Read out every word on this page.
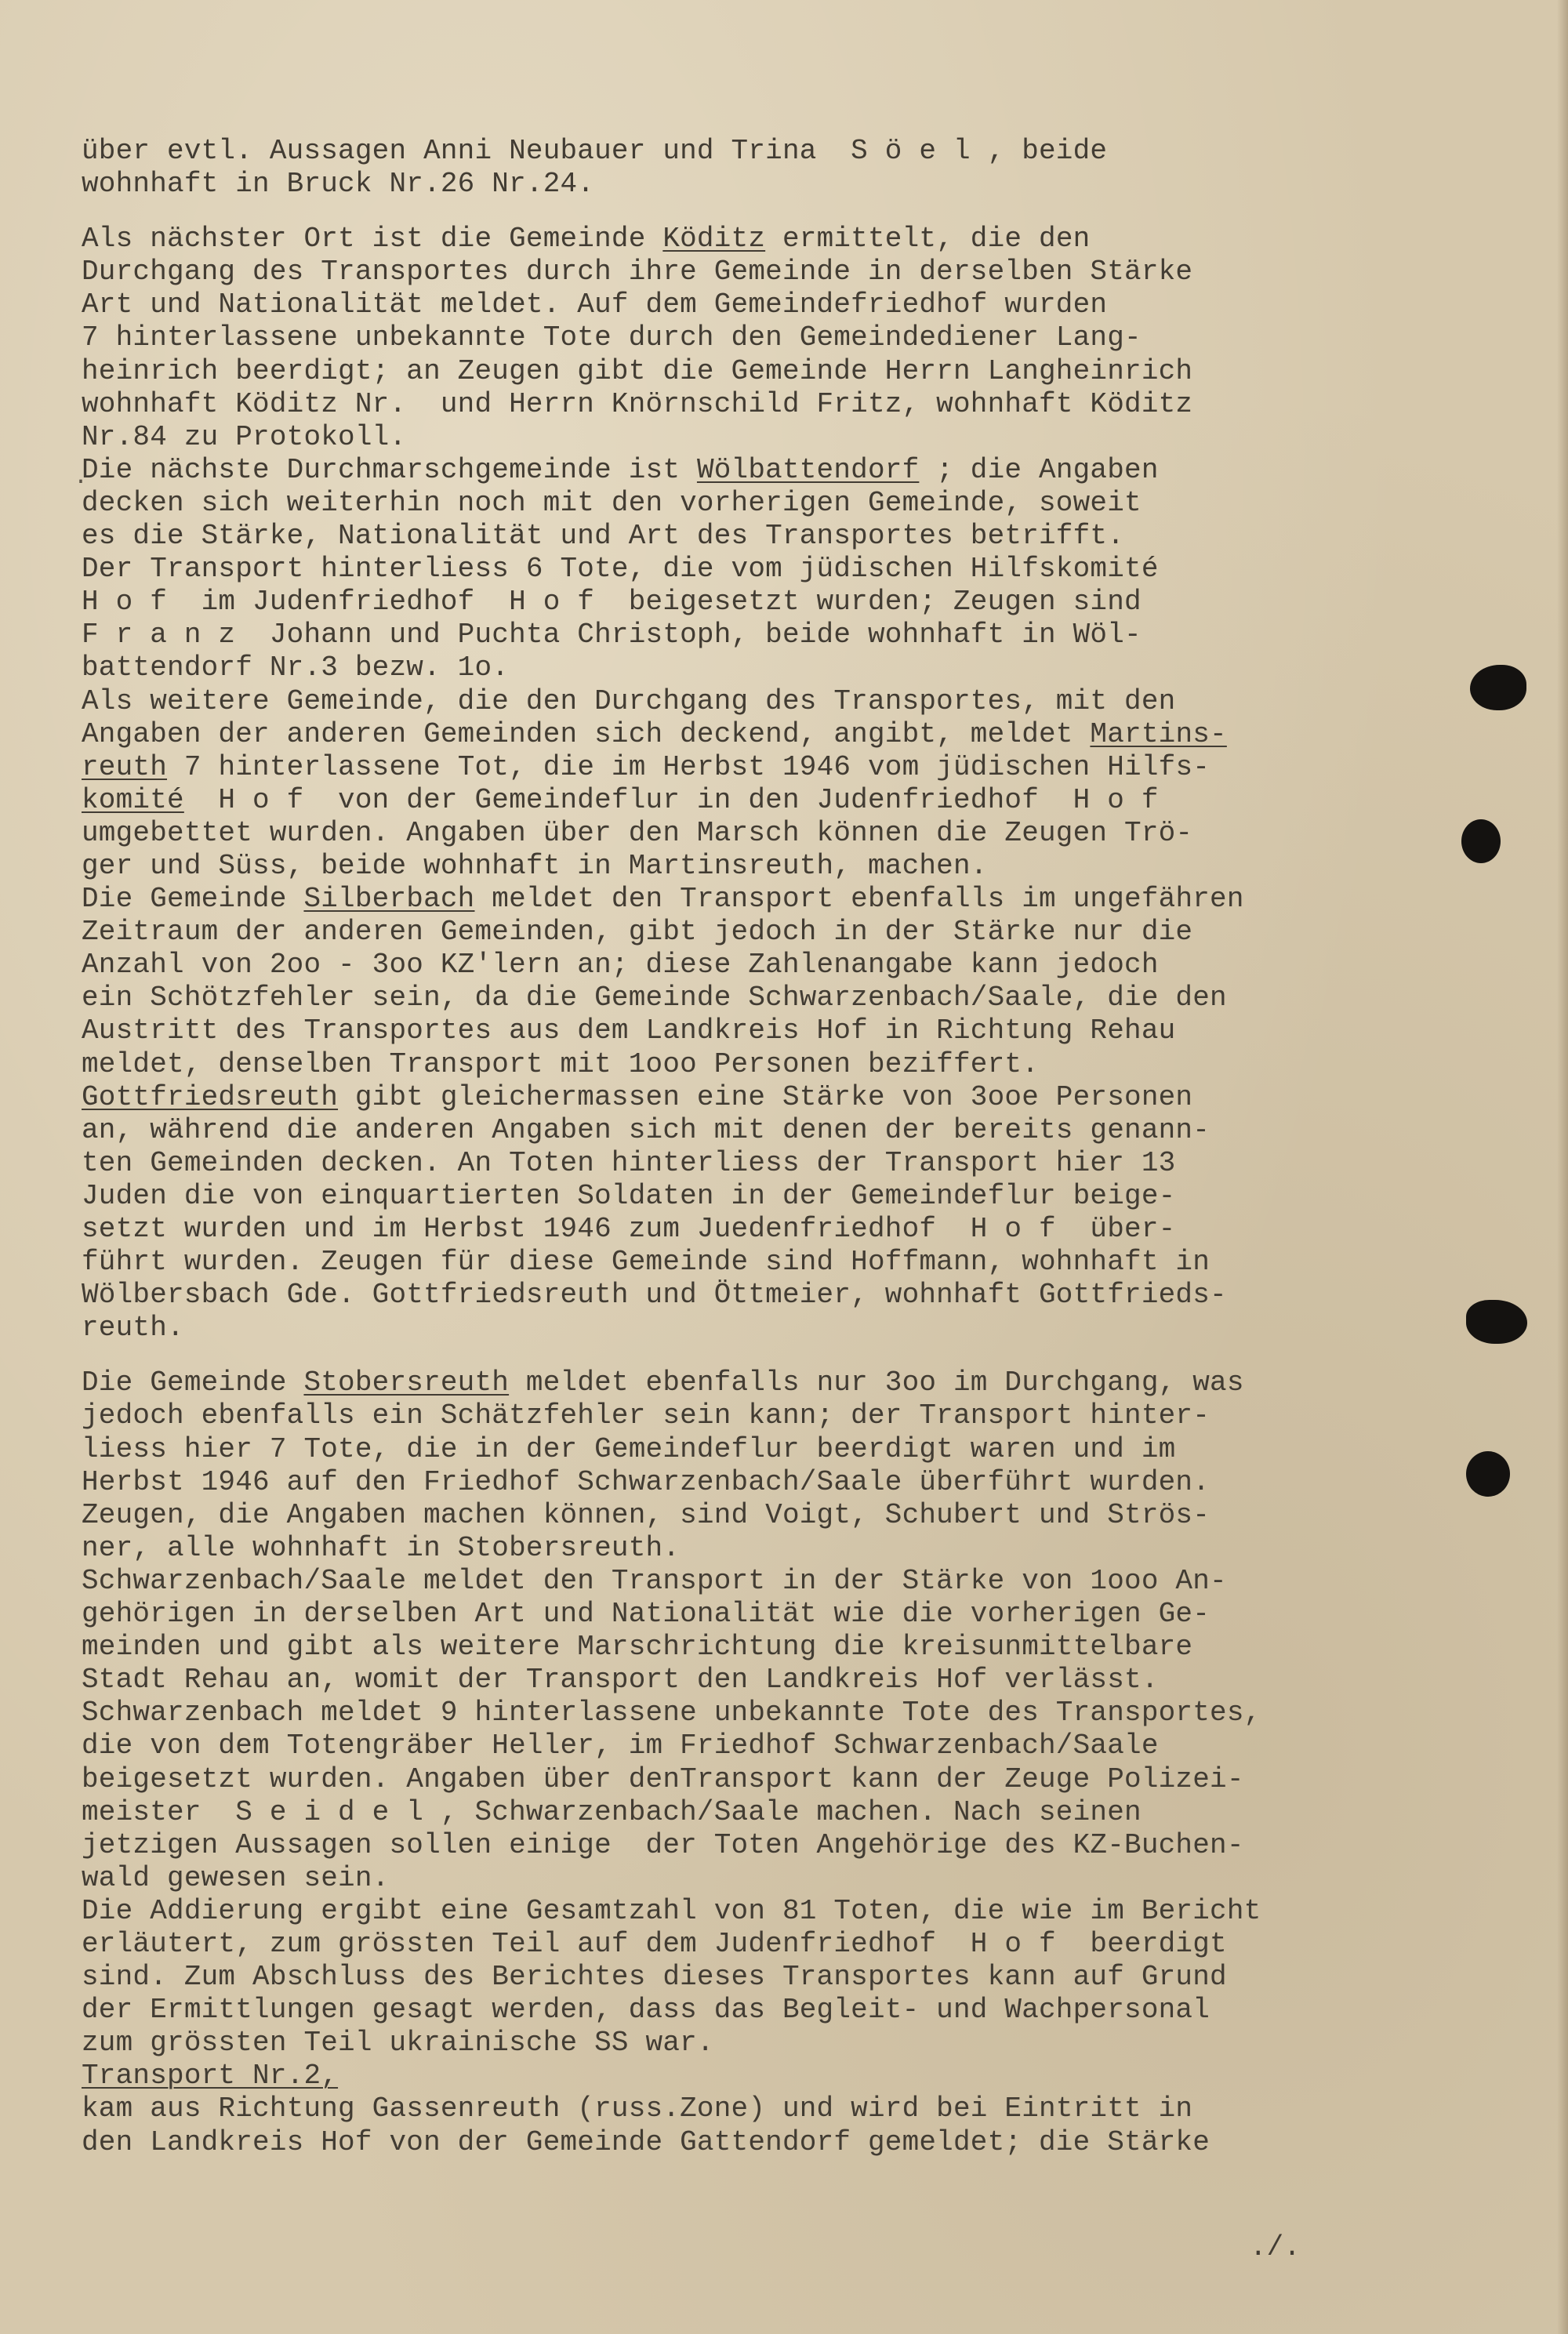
·
über evtl. Aussagen Anni Neubauer und Trina  S ö e l , beide
wohnhaft in Bruck Nr.26 Nr.24.
Als nächster Ort ist die Gemeinde Köditz ermittelt, die den
Durchgang des Transportes durch ihre Gemeinde in derselben Stärke
Art und Nationalität meldet. Auf dem Gemeindefriedhof wurden
7 hinterlassene unbekannte Tote durch den Gemeindediener Lang-
heinrich beerdigt; an Zeugen gibt die Gemeinde Herrn Langheinrich
wohnhaft Köditz Nr.  und Herrn Knörnschild Fritz, wohnhaft Köditz
Nr.84 zu Protokoll.
Die nächste Durchmarschgemeinde ist Wölbattendorf ; die Angaben
decken sich weiterhin noch mit den vorherigen Gemeinde, soweit
es die Stärke, Nationalität und Art des Transportes betrifft.
Der Transport hinterliess 6 Tote, die vom jüdischen Hilfskomité
H o f  im Judenfriedhof  H o f  beigesetzt wurden; Zeugen sind
F r a n z  Johann und Puchta Christoph, beide wohnhaft in Wöl-
battendorf Nr.3 bezw. 1o.
Als weitere Gemeinde, die den Durchgang des Transportes, mit den
Angaben der anderen Gemeinden sich deckend, angibt, meldet Martins-
reuth 7 hinterlassene Tot, die im Herbst 1946 vom jüdischen Hilfs-
komité  H o f  von der Gemeindeflur in den Judenfriedhof  H o f
umgebettet wurden. Angaben über den Marsch können die Zeugen Trö-
ger und Süss, beide wohnhaft in Martinsreuth, machen.
Die Gemeinde Silberbach meldet den Transport ebenfalls im ungefähren
Zeitraum der anderen Gemeinden, gibt jedoch in der Stärke nur die
Anzahl von 2oo - 3oo KZ'lern an; diese Zahlenangabe kann jedoch
ein Schötzfehler sein, da die Gemeinde Schwarzenbach/Saale, die den
Austritt des Transportes aus dem Landkreis Hof in Richtung Rehau
meldet, denselben Transport mit 1ooo Personen beziffert.
Gottfriedsreuth gibt gleichermassen eine Stärke von 3ooe Personen
an, während die anderen Angaben sich mit denen der bereits genann-
ten Gemeinden decken. An Toten hinterliess der Transport hier 13
Juden die von einquartierten Soldaten in der Gemeindeflur beige-
setzt wurden und im Herbst 1946 zum Juedenfriedhof  H o f  über-
führt wurden. Zeugen für diese Gemeinde sind Hoffmann, wohnhaft in
Wölbersbach Gde. Gottfriedsreuth und Öttmeier, wohnhaft Gottfrieds-
reuth.
Die Gemeinde Stobersreuth meldet ebenfalls nur 3oo im Durchgang, was
jedoch ebenfalls ein Schätzfehler sein kann; der Transport hinter-
liess hier 7 Tote, die in der Gemeindeflur beerdigt waren und im
Herbst 1946 auf den Friedhof Schwarzenbach/Saale überführt wurden.
Zeugen, die Angaben machen können, sind Voigt, Schubert und Strös-
ner, alle wohnhaft in Stobersreuth.
Schwarzenbach/Saale meldet den Transport in der Stärke von 1ooo An-
gehörigen in derselben Art und Nationalität wie die vorherigen Ge-
meinden und gibt als weitere Marschrichtung die kreisunmittelbare
Stadt Rehau an, womit der Transport den Landkreis Hof verlässt.
Schwarzenbach meldet 9 hinterlassene unbekannte Tote des Transportes,
die von dem Totengräber Heller, im Friedhof Schwarzenbach/Saale
beigesetzt wurden. Angaben über denTransport kann der Zeuge Polizei-
meister  S e i d e l , Schwarzenbach/Saale machen. Nach seinen
jetzigen Aussagen sollen einige  der Toten Angehörige des KZ-Buchen-
wald gewesen sein.
Die Addierung ergibt eine Gesamtzahl von 81 Toten, die wie im Bericht
erläutert, zum grössten Teil auf dem Judenfriedhof  H o f  beerdigt
sind. Zum Abschluss des Berichtes dieses Transportes kann auf Grund
der Ermittlungen gesagt werden, dass das Begleit- und Wachpersonal
zum grössten Teil ukrainische SS war.
Transport Nr.2,
kam aus Richtung Gassenreuth (russ.Zone) und wird bei Eintritt in
den Landkreis Hof von der Gemeinde Gattendorf gemeldet; die Stärke
./.
